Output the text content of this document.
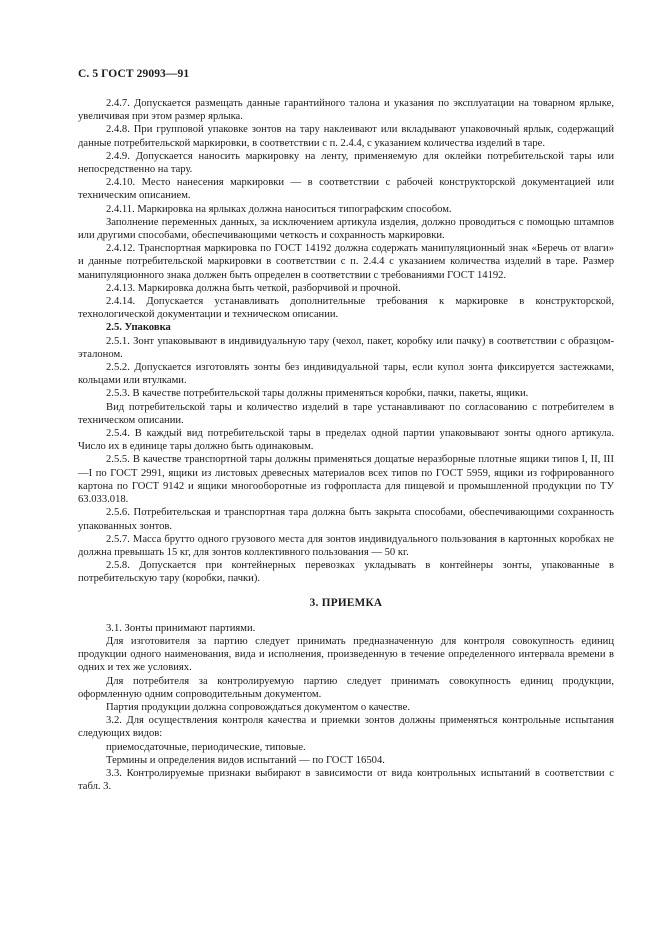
С. 5 ГОСТ 29093—91

2.4.7. Допускается размещать данные гарантийного талона и указания по эксплуатации на товарном ярлыке, увеличивая при этом размер ярлыка.

2.4.8. При групповой упаковке зонтов на тару наклеивают или вкладывают упаковочный ярлык, содержащий данные потребительской маркировки, в соответствии с п. 2.4.4, с указанием количества изделий в таре.

2.4.9. Допускается наносить маркировку на ленту, применяемую для оклейки потребительской тары или непосредственно на тару.

2.4.10. Место нанесения маркировки — в соответствии с рабочей конструкторской документацией или техническим описанием.

2.4.11. Маркировка на ярлыках должна наноситься типографским способом.

Заполнение переменных данных, за исключением артикула изделия, должно проводиться с помощью штампов или другими способами, обеспечивающими четкость и сохранность маркировки.

2.4.12. Транспортная маркировка по ГОСТ 14192 должна содержать манипуляционный знак «Беречь от влаги» и данные потребительской маркировки в соответствии с п. 2.4.4 с указанием количества изделий в таре. Размер манипуляционного знака должен быть определен в соответствии с требованиями ГОСТ 14192.

2.4.13. Маркировка должна быть четкой, разборчивой и прочной.

2.4.14. Допускается устанавливать дополнительные требования к маркировке в конструкторской, технологической документации и техническом описании.

2.5. Упаковка

2.5.1. Зонт упаковывают в индивидуальную тару (чехол, пакет, коробку или пачку) в соответствии с образцом-эталоном.

2.5.2. Допускается изготовлять зонты без индивидуальной тары, если купол зонта фиксируется застежками, кольцами или втулками.

2.5.3. В качестве потребительской тары должны применяться коробки, пачки, пакеты, ящики.

Вид потребительской тары и количество изделий в таре устанавливают по согласованию с потребителем в техническом описании.

2.5.4. В каждый вид потребительской тары в пределах одной партии упаковывают зонты одного артикула. Число их в единице тары должно быть одинаковым.

2.5.5. В качестве транспортной тары должны применяться дощатые неразборные плотные ящики типов I, II, III—I по ГОСТ 2991, ящики из листовых древесных материалов всех типов по ГОСТ 5959, ящики из гофрированного картона по ГОСТ 9142 и ящики многооборотные из гофропласта для пищевой и промышленной продукции по ТУ 63.033.018.

2.5.6. Потребительская и транспортная тара должна быть закрыта способами, обеспечивающими сохранность упакованных зонтов.

2.5.7. Масса брутто одного грузового места для зонтов индивидуального пользования в картонных коробках не должна превышать 15 кг, для зонтов коллективного пользования — 50 кг.

2.5.8. Допускается при контейнерных перевозках укладывать в контейнеры зонты, упакованные в потребительскую тару (коробки, пачки).

3. ПРИЕМКА

3.1. Зонты принимают партиями.

Для изготовителя за партию следует принимать предназначенную для контроля совокупность единиц продукции одного наименования, вида и исполнения, произведенную в течение определенного интервала времени в одних и тех же условиях.

Для потребителя за контролируемую партию следует принимать совокупность единиц продукции, оформленную одним сопроводительным документом.

Партия продукции должна сопровождаться документом о качестве.

3.2. Для осуществления контроля качества и приемки зонтов должны применяться контрольные испытания следующих видов:

приемосдаточные, периодические, типовые.

Термины и определения видов испытаний — по ГОСТ 16504.

3.3. Контролируемые признаки выбирают в зависимости от вида контрольных испытаний в соответствии с табл. 3.
